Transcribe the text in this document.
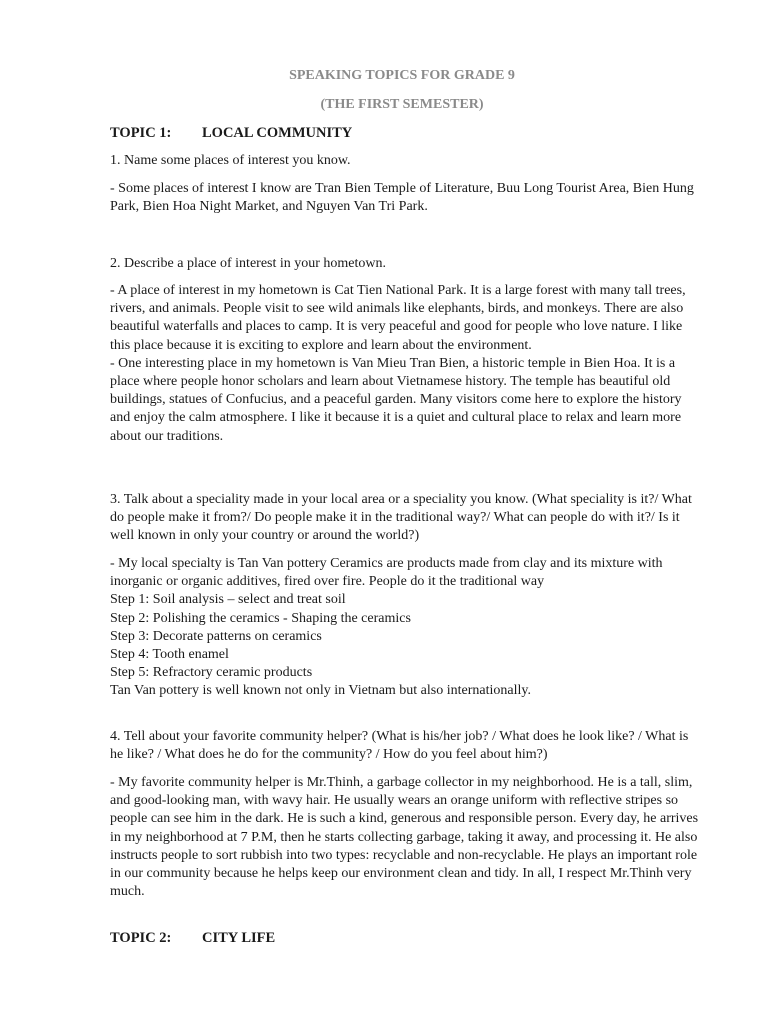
SPEAKING TOPICS FOR GRADE 9
(THE FIRST SEMESTER)
TOPIC 1: LOCAL COMMUNITY
1. Name some places of interest you know.
- Some places of interest I know are Tran Bien Temple of Literature, Buu Long Tourist Area, Bien Hung Park, Bien Hoa Night Market, and Nguyen Van Tri Park.
2. Describe a place of interest in your hometown.

- A place of interest in my hometown is Cat Tien National Park. It is a large forest with many tall trees, rivers, and animals. People visit to see wild animals like elephants, birds, and monkeys. There are also beautiful waterfalls and places to camp. It is very peaceful and good for people who love nature. I like this place because it is exciting to explore and learn about the environment.

- One interesting place in my hometown is Van Mieu Tran Bien, a historic temple in Bien Hoa. It is a place where people honor scholars and learn about Vietnamese history. The temple has beautiful old buildings, statues of Confucius, and a peaceful garden. Many visitors come here to explore the history and enjoy the calm atmosphere. I like it because it is a quiet and cultural place to relax and learn more about our traditions.

3. Talk about a speciality made in your local area or a speciality you know. (What speciality is it?/ What do people make it from?/ Do people make it in the traditional way?/ What can people do with it?/ Is it well known in only your country or around the world?)

- My local specialty is Tan Van pottery Ceramics are products made from clay and its mixture with inorganic or organic additives, fired over fire. People do it the traditional way

Step 1: Soil analysis – select and treat soil

Step 2: Polishing the ceramics - Shaping the ceramics

Step 3: Decorate patterns on ceramics

Step 4: Tooth enamel

Step 5: Refractory ceramic products

Tan Van pottery is well known not only in Vietnam but also internationally.

4. Tell about your favorite community helper? (What is his/her job? / What does he look like? / What is he like? / What does he do for the community? / How do you feel about him?)
- My favorite community helper is Mr.Thinh, a garbage collector in my neighborhood. He is a tall, slim, and good-looking man, with wavy hair. He usually wears an orange uniform with reflective stripes so people can see him in the dark. He is such a kind, generous and responsible person. Every day, he arrives in my neighborhood at 7 P.M, then he starts collecting garbage, taking it away, and processing it. He also instructs people to sort rubbish into two types: recyclable and non-recyclable. He plays an important role in our community because he helps keep our environment clean and tidy. In all, I respect Mr.Thinh very much.
TOPIC 2: CITY LIFE
